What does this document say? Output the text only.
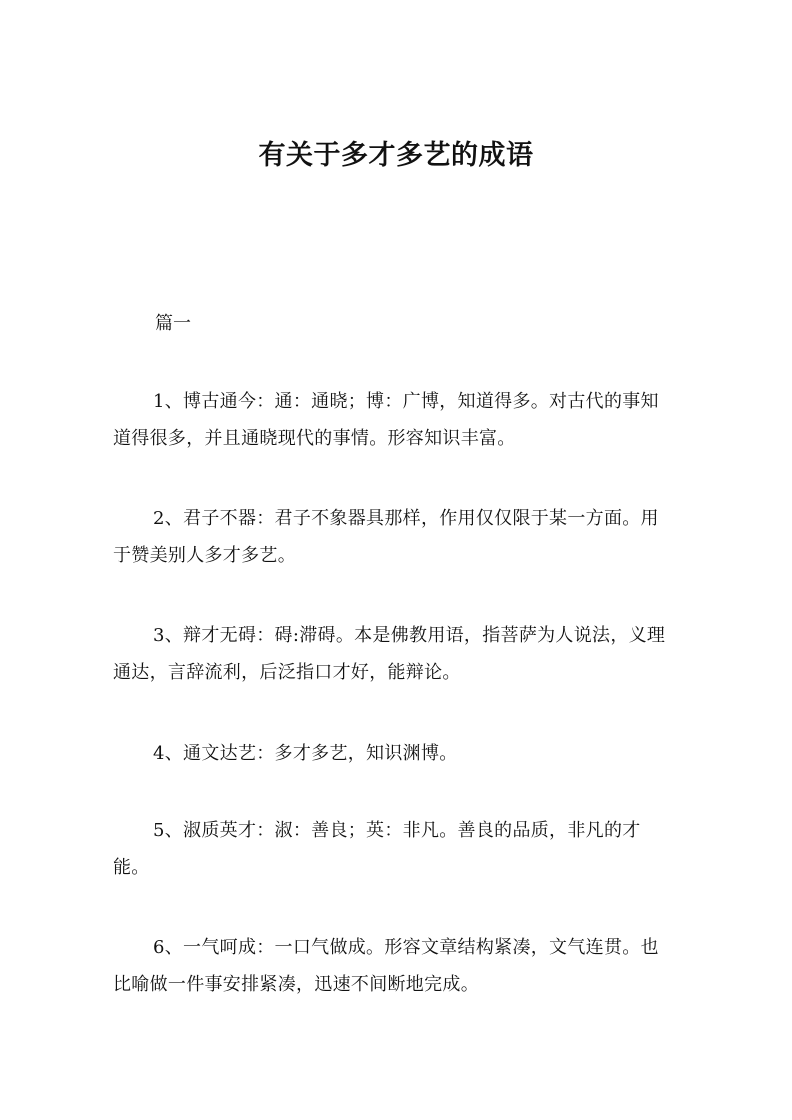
有关于多才多艺的成语

篇一

1、博古通今：通：通晓；博：广博，知道得多。对古代的事知道得很多，并且通晓现代的事情。形容知识丰富。

2、君子不器：君子不象器具那样，作用仅仅限于某一方面。用于赞美别人多才多艺。

3、辩才无碍：碍:滞碍。本是佛教用语，指菩萨为人说法，义理通达，言辞流利，后泛指口才好，能辩论。

4、通文达艺：多才多艺，知识渊博。

5、淑质英才：淑：善良；英：非凡。善良的品质，非凡的才能。

6、一气呵成：一口气做成。形容文章结构紧凑，文气连贯。也比喻做一件事安排紧凑，迅速不间断地完成。
